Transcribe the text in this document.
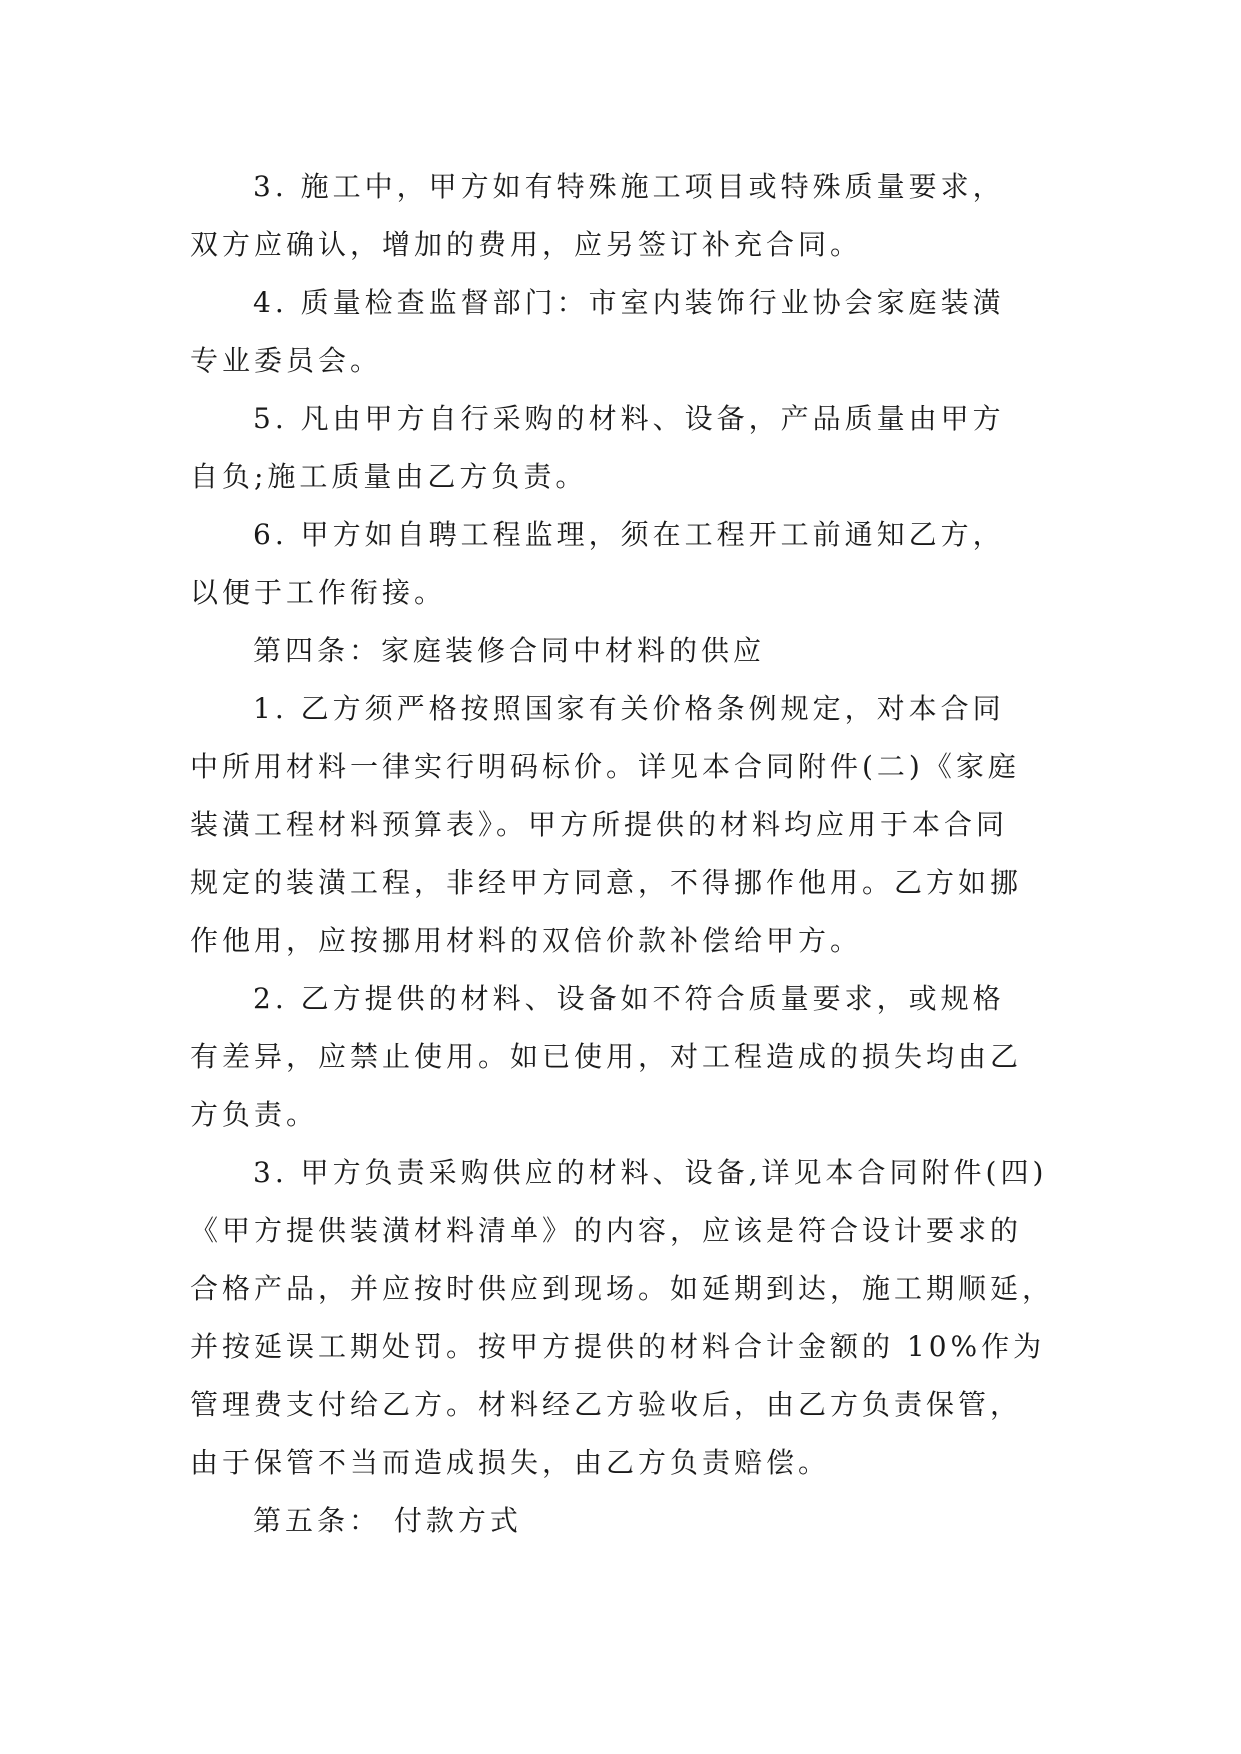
3. 施工中，甲方如有特殊施工项目或特殊质量要求，
双方应确认，增加的费用，应另签订补充合同。
4. 质量检查监督部门：市室内装饰行业协会家庭装潢
专业委员会。
5. 凡由甲方自行采购的材料、设备，产品质量由甲方
自负;施工质量由乙方负责。
6. 甲方如自聘工程监理，须在工程开工前通知乙方，
以便于工作衔接。
第四条：家庭装修合同中材料的供应
1. 乙方须严格按照国家有关价格条例规定，对本合同
中所用材料一律实行明码标价。详见本合同附件(二)《家庭
装潢工程材料预算表》。甲方所提供的材料均应用于本合同
规定的装潢工程，非经甲方同意，不得挪作他用。乙方如挪
作他用，应按挪用材料的双倍价款补偿给甲方。
2. 乙方提供的材料、设备如不符合质量要求，或规格
有差异，应禁止使用。如已使用，对工程造成的损失均由乙
方负责。
3. 甲方负责采购供应的材料、设备,详见本合同附件(四)
《甲方提供装潢材料清单》的内容，应该是符合设计要求的
合格产品，并应按时供应到现场。如延期到达，施工期顺延，
并按延误工期处罚。按甲方提供的材料合计金额的 10%作为
管理费支付给乙方。材料经乙方验收后，由乙方负责保管，
由于保管不当而造成损失，由乙方负责赔偿。
第五条： 付款方式
